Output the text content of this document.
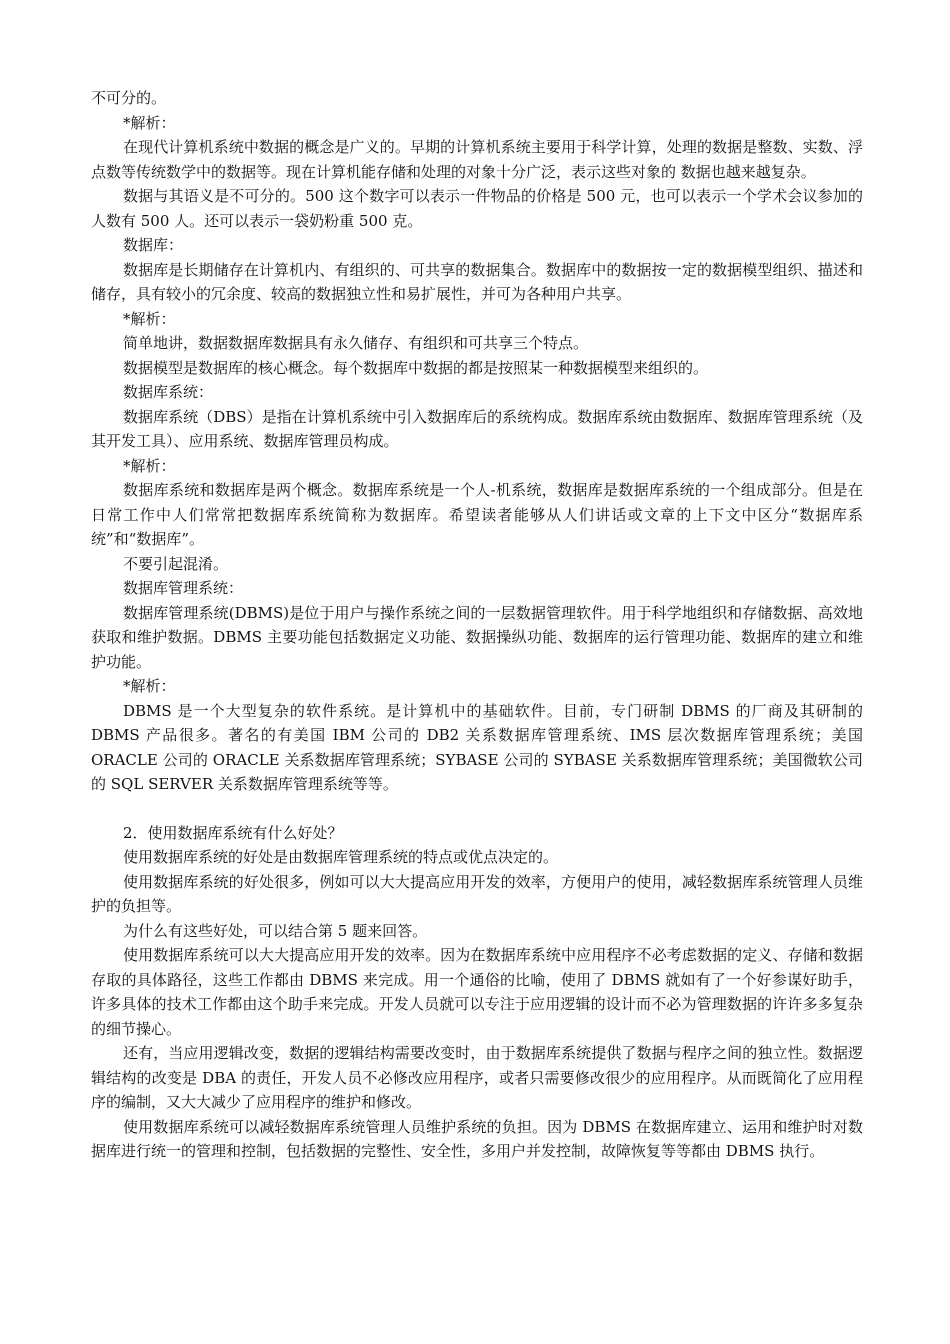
不可分的。

*解析：

在现代计算机系统中数据的概念是广义的。早期的计算机系统主要用于科学计算，处理的数据是整数、实数、浮点数等传统数学中的数据等。现在计算机能存储和处理的对象十分广泛，表示这些对象的 数据也越来越复杂。

数据与其语义是不可分的。500 这个数字可以表示一件物品的价格是 500 元，也可以表示一个学术会议参加的人数有 500 人。还可以表示一袋奶粉重 500 克。

数据库：

数据库是长期储存在计算机内、有组织的、可共享的数据集合。数据库中的数据按一定的数据模型组织、描述和储存，具有较小的冗余度、较高的数据独立性和易扩展性，并可为各种用户共享。

*解析：

简单地讲，数据数据库数据具有永久储存、有组织和可共享三个特点。

数据模型是数据库的核心概念。每个数据库中数据的都是按照某一种数据模型来组织的。

数据库系统：

数据库系统（DBS）是指在计算机系统中引入数据库后的系统构成。数据库系统由数据库、数据库管理系统（及其开发工具）、应用系统、数据库管理员构成。

*解析：

数据库系统和数据库是两个概念。数据库系统是一个人-机系统，数据库是数据库系统的一个组成部分。但是在日常工作中人们常常把数据库系统简称为数据库。希望读者能够从人们讲话或文章的上下文中区分“数据库系统”和“数据库”。

不要引起混淆。

数据库管理系统：

数据库管理系统(DBMS)是位于用户与操作系统之间的一层数据管理软件。用于科学地组织和存储数据、高效地获取和维护数据。DBMS 主要功能包括数据定义功能、数据操纵功能、数据库的运行管理功能、数据库的建立和维护功能。

*解析：

DBMS 是一个大型复杂的软件系统。是计算机中的基础软件。目前，专门研制 DBMS 的厂商及其研制的 DBMS 产品很多。著名的有美国 IBM 公司的 DB2 关系数据库管理系统、IMS 层次数据库管理系统；美国 ORACLE 公司的 ORACLE 关系数据库管理系统；SYBASE 公司的 SYBASE 关系数据库管理系统；美国微软公司的 SQL SERVER 关系数据库管理系统等等。

2．使用数据库系统有什么好处？

使用数据库系统的好处是由数据库管理系统的特点或优点决定的。

使用数据库系统的好处很多，例如可以大大提高应用开发的效率，方便用户的使用，减轻数据库系统管理人员维护的负担等。

为什么有这些好处，可以结合第 5 题来回答。

使用数据库系统可以大大提高应用开发的效率。因为在数据库系统中应用程序不必考虑数据的定义、存储和数据存取的具体路径，这些工作都由 DBMS 来完成。用一个通俗的比喻，使用了 DBMS 就如有了一个好参谋好助手，许多具体的技术工作都由这个助手来完成。开发人员就可以专注于应用逻辑的设计而不必为管理数据的许许多多复杂的细节操心。

还有，当应用逻辑改变，数据的逻辑结构需要改变时，由于数据库系统提供了数据与程序之间的独立性。数据逻辑结构的改变是 DBA 的责任，开发人员不必修改应用程序，或者只需要修改很少的应用程序。从而既简化了应用程序的编制，又大大减少了应用程序的维护和修改。

使用数据库系统可以减轻数据库系统管理人员维护系统的负担。因为 DBMS 在数据库建立、运用和维护时对数据库进行统一的管理和控制，包括数据的完整性、安全性，多用户并发控制，故障恢复等等都由 DBMS 执行。
